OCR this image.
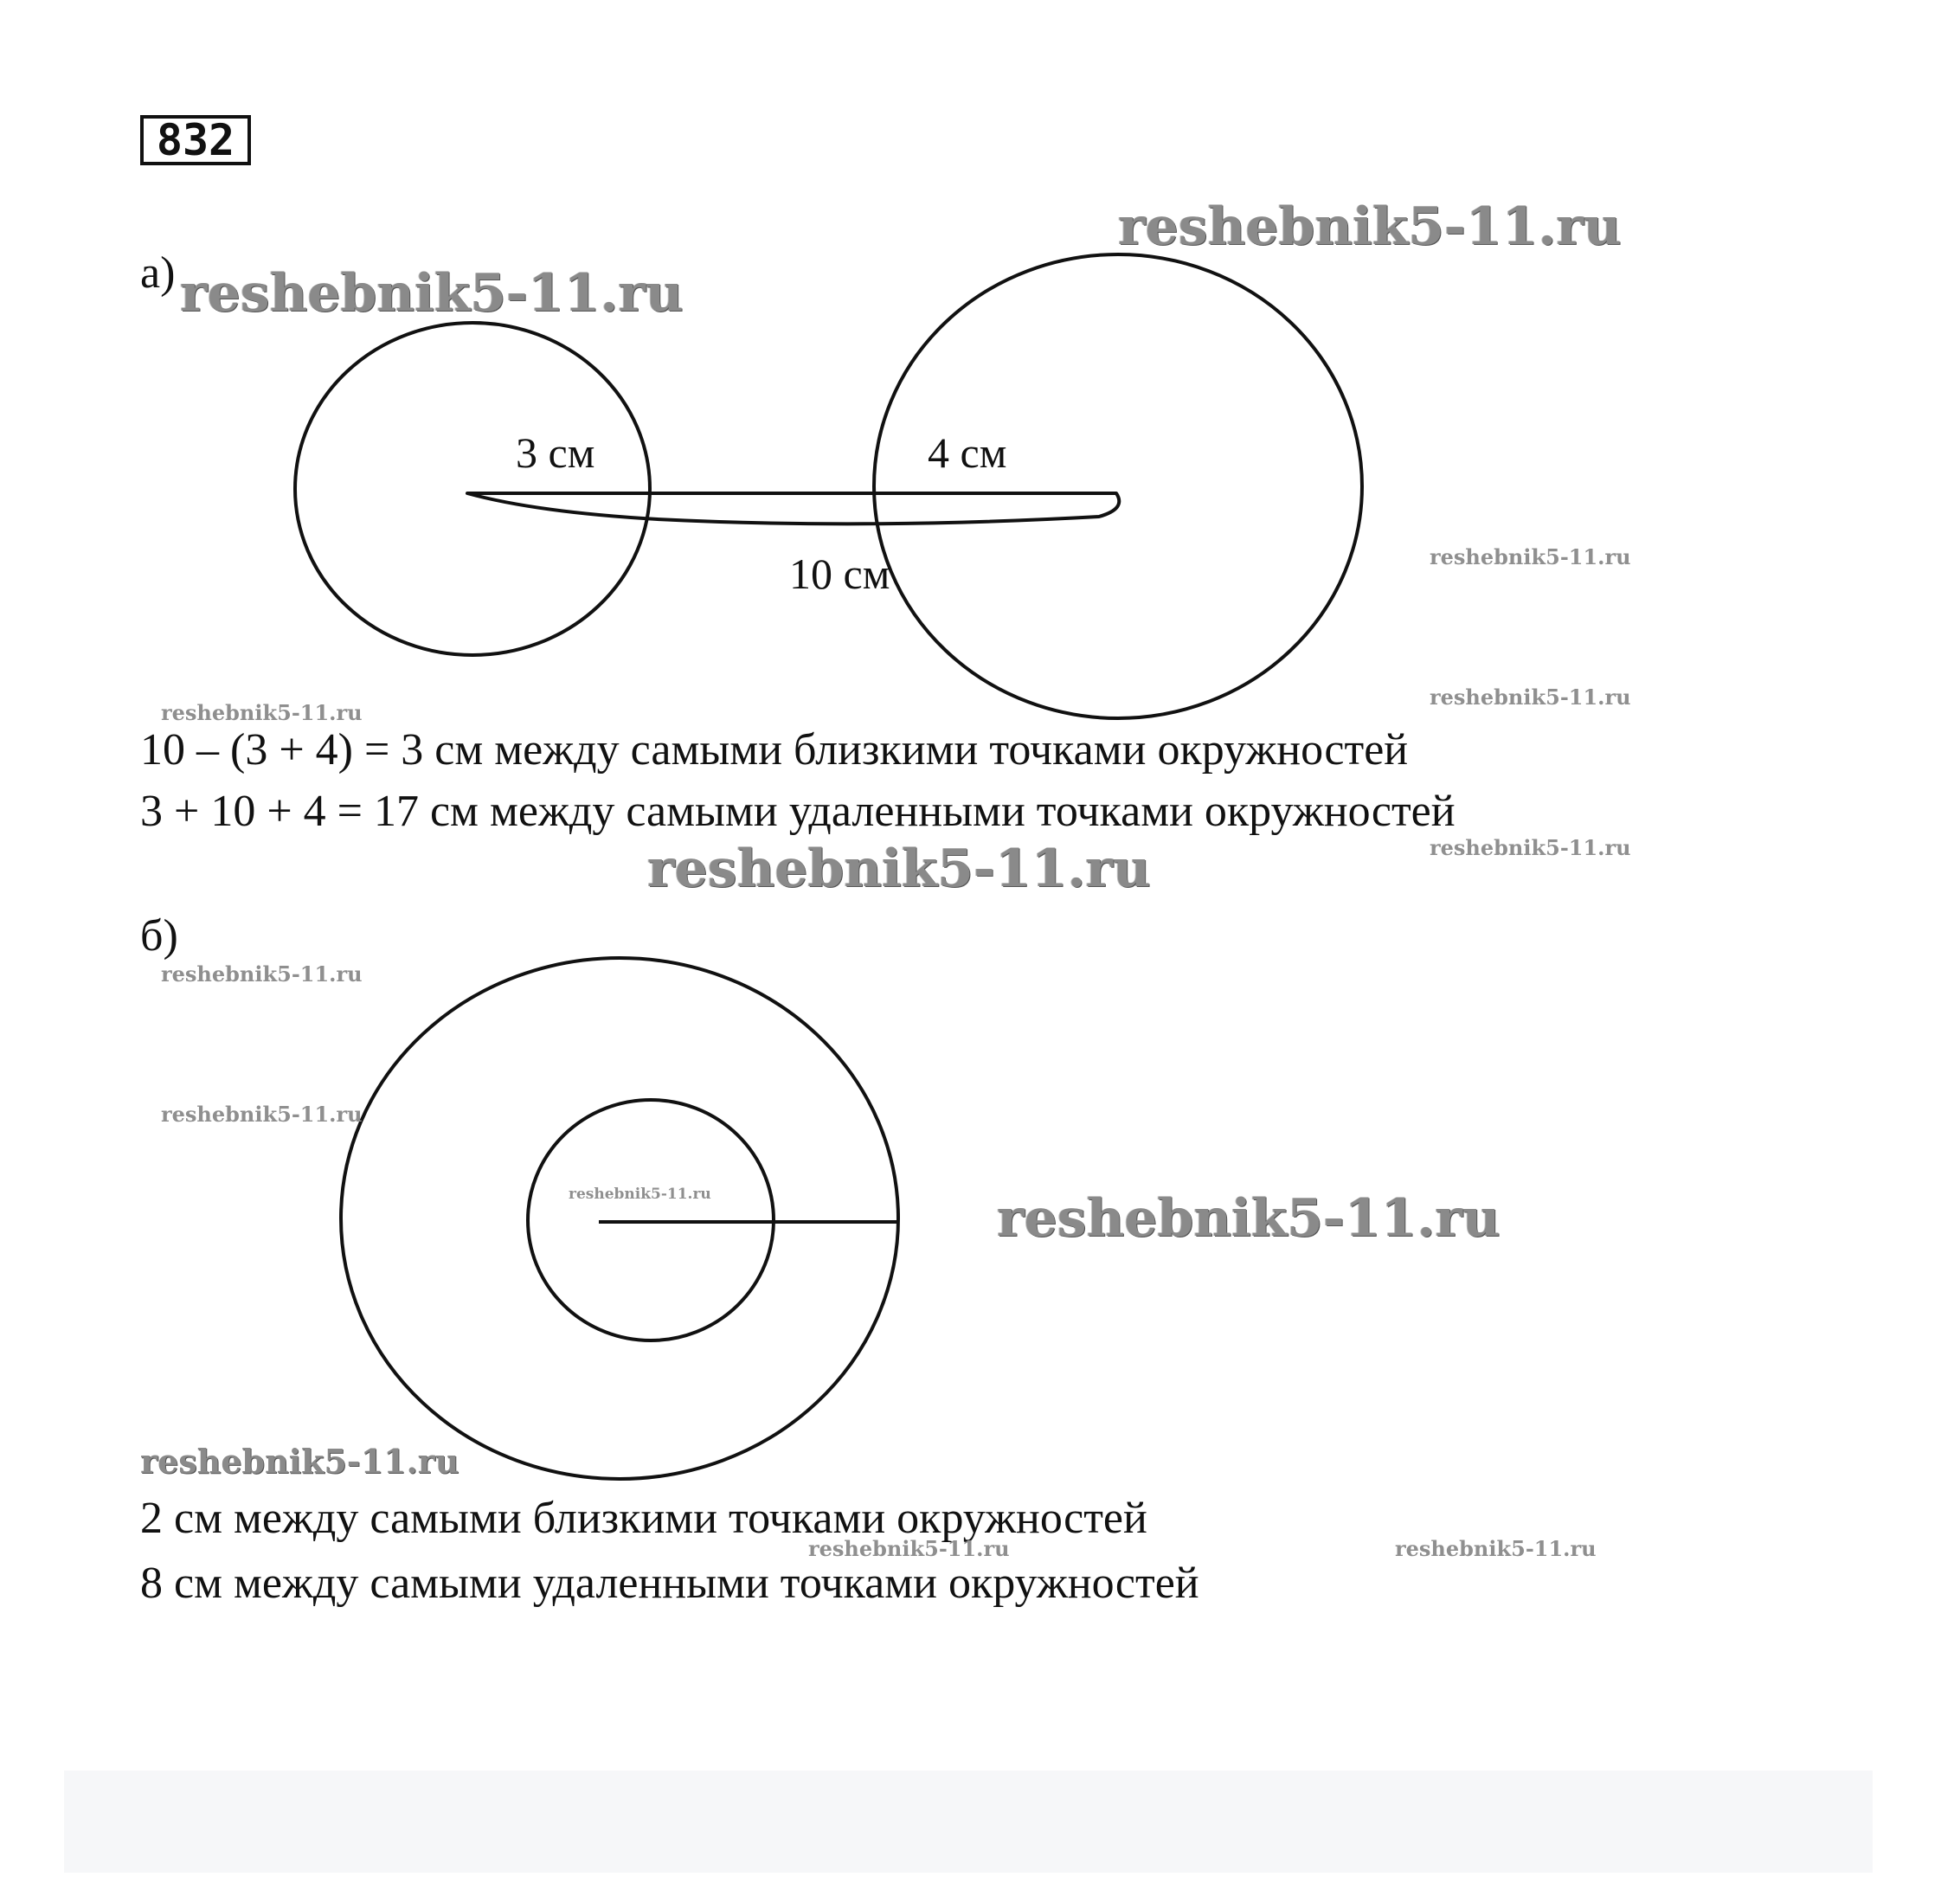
832
а)
3 см	4 см
10 см
10 – (3 + 4) = 3 см между самыми близкими точками окружностей
3 + 10 + 4 = 17 см между самыми удаленными точками окружностей
б)
2 см между самыми близкими точками окружностей
8 см между самыми удаленными точками окружностей
reshebnik5-11.ru
reshebnik5-11.ru
reshebnik5-11.ru
reshebnik5-11.ru
reshebnik5-11.ru
reshebnik5-11.ru
reshebnik5-11.ru
reshebnik5-11.ru
reshebnik5-11.ru
reshebnik5-11.ru	reshebnik5-11.ru
reshebnik5-11.ru
reshebnik5-11.ru	reshebnik5-11.ru
